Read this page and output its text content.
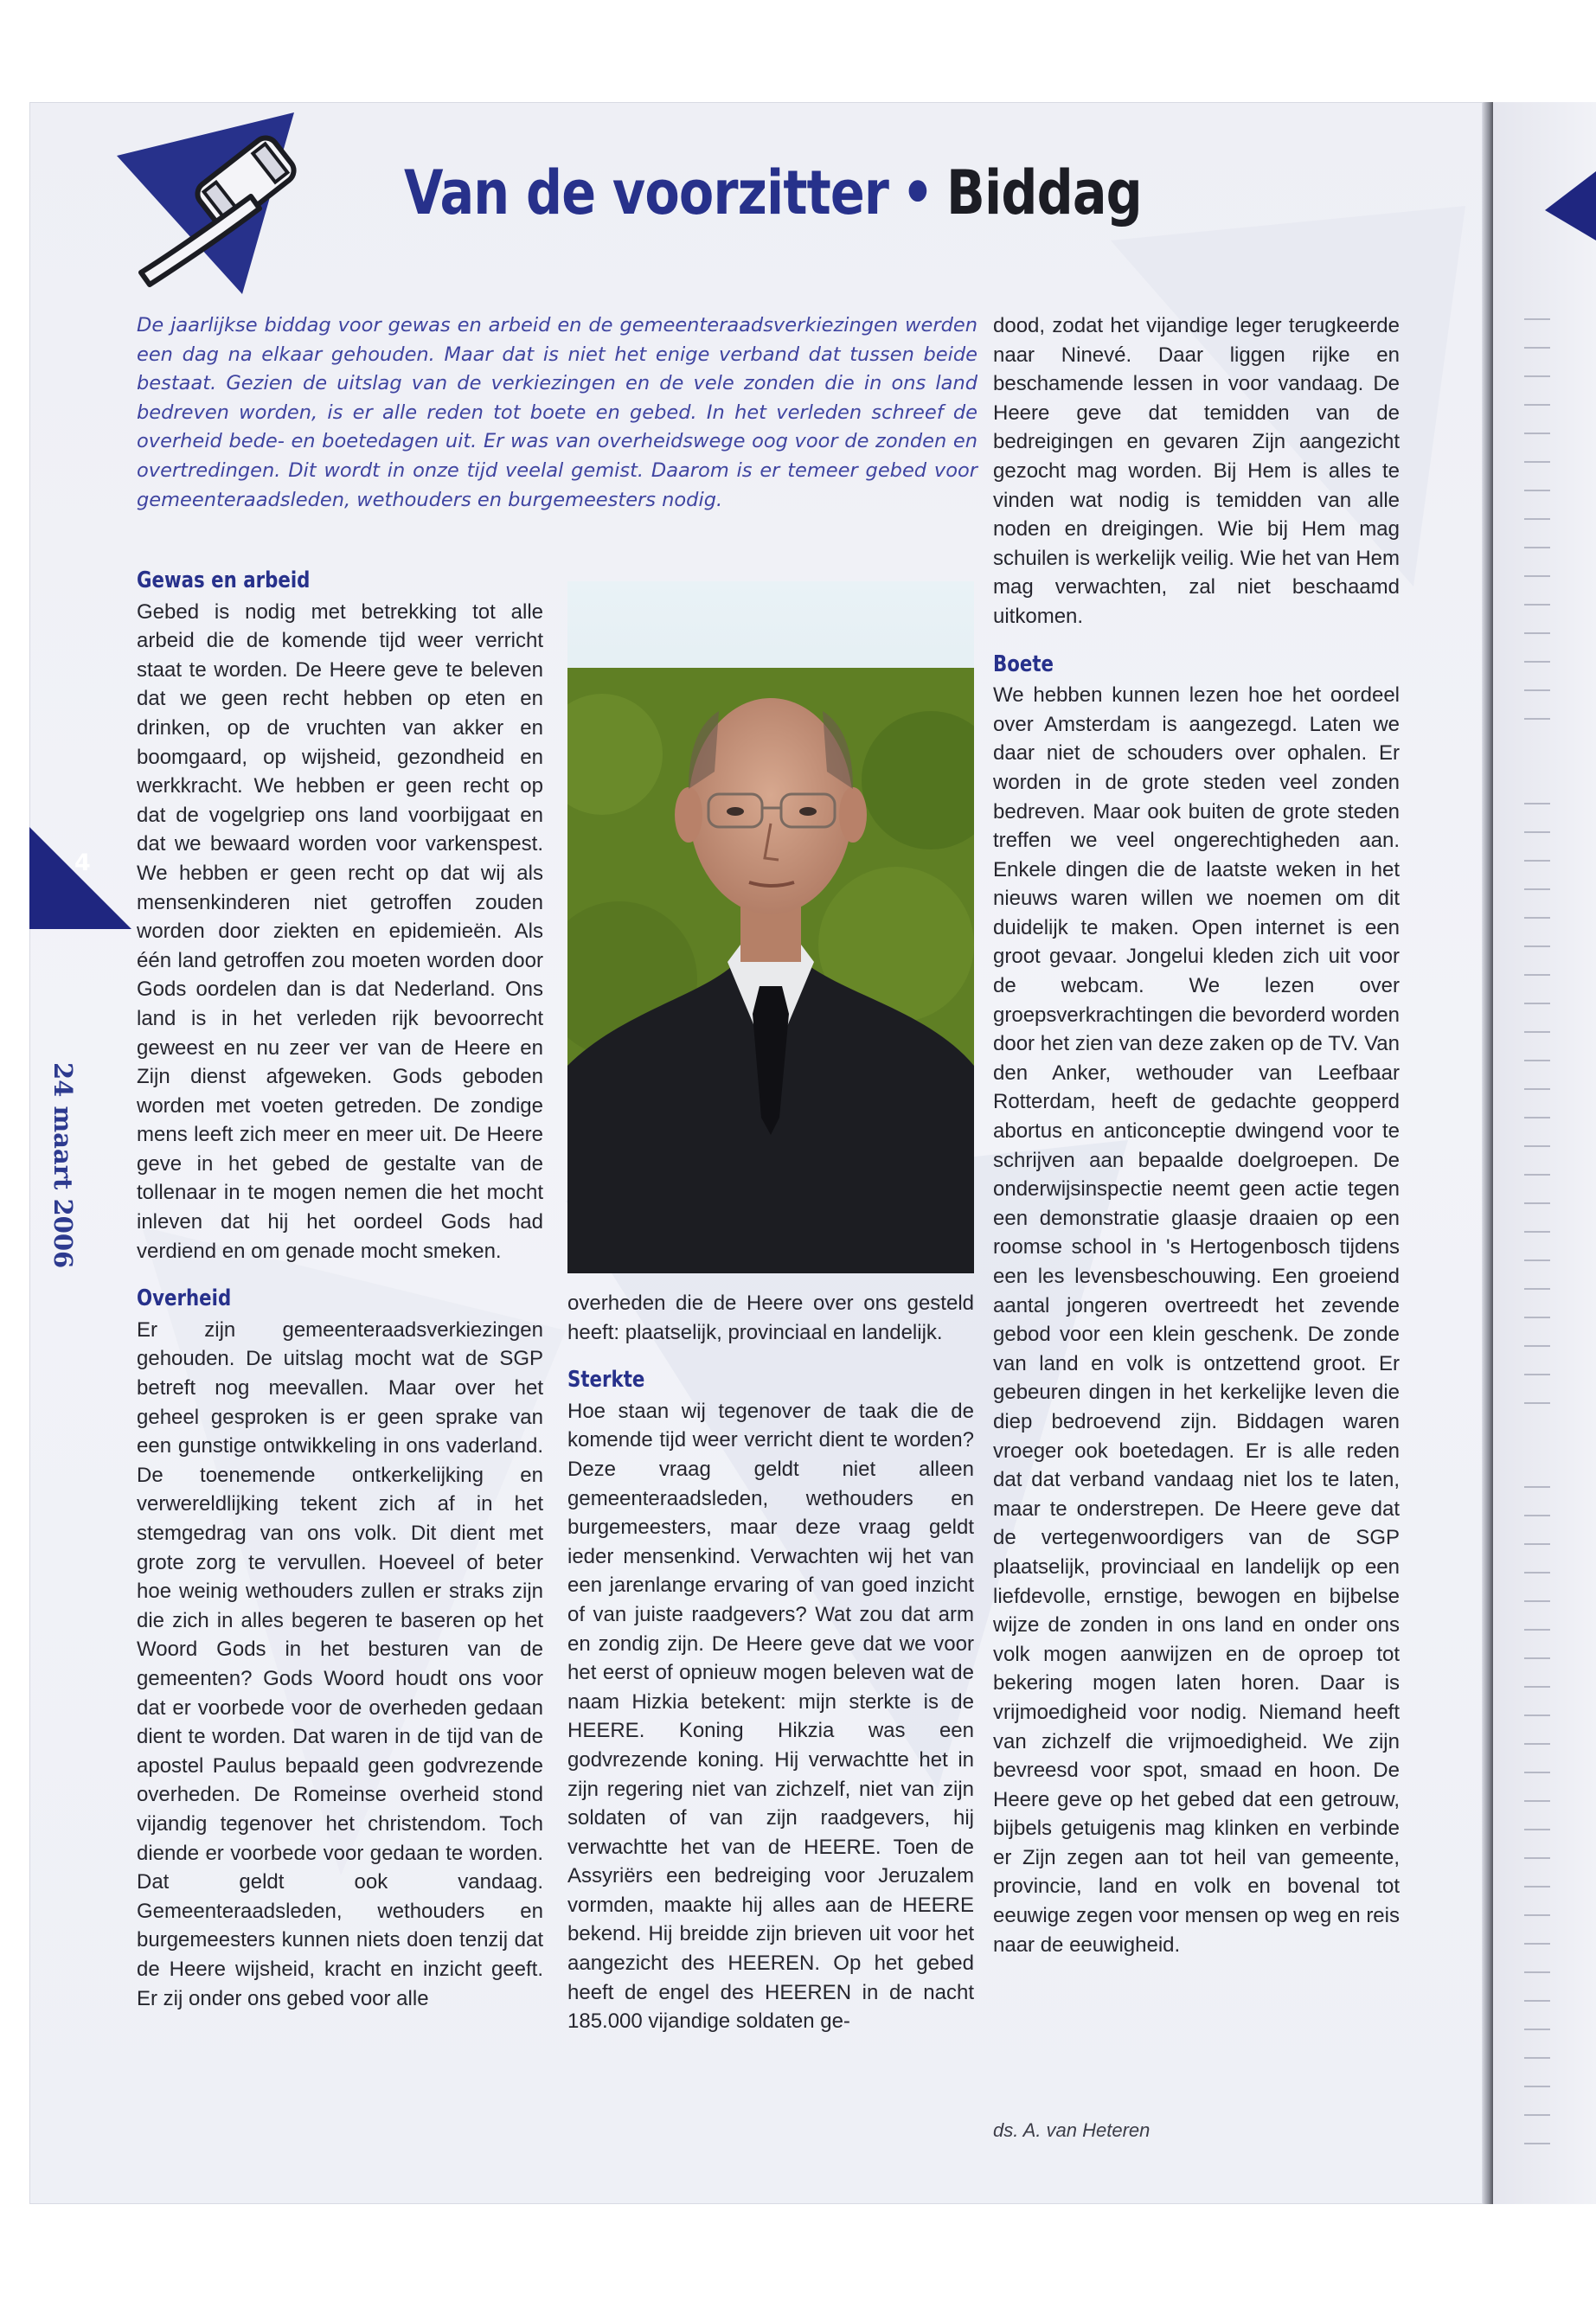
Van de voorzitter • Biddag

De jaarlijkse biddag voor gewas en arbeid en de gemeenteraadsverkiezingen werden een dag na elkaar gehouden. Maar dat is niet het enige verband dat tussen beide bestaat. Gezien de uitslag van de verkiezingen en de vele zonden die in ons land bedreven worden, is er alle reden tot boete en gebed. In het verleden schreef de overheid bede- en boetedagen uit. Er was van overheidswege oog voor de zonden en overtredingen. Dit wordt in onze tijd veelal gemist. Daarom is er temeer gebed voor gemeenteraadsleden, wethouders en burgemeesters nodig.

4
24 maart 2006
Gewas en arbeid

Gebed is nodig met betrekking tot alle arbeid die de komende tijd weer verricht staat te worden. De Heere geve te beleven dat we geen recht hebben op eten en drinken, op de vruchten van akker en boomgaard, op wijsheid, gezondheid en werkkracht. We hebben er geen recht op dat de vogelgriep ons land voorbijgaat en dat we bewaard worden voor varkenspest. We hebben er geen recht op dat wij als mensenkinderen niet getroffen zouden worden door ziekten en epidemieën. Als één land getroffen zou moeten worden door Gods oordelen dan is dat Nederland. Ons land is in het verleden rijk bevoorrecht geweest en nu zeer ver van de Heere en Zijn dienst afgeweken. Gods geboden worden met voeten getreden. De zondige mens leeft zich meer en meer uit. De Heere geve in het gebed de gestalte van de tollenaar in te mogen nemen die het mocht inleven dat hij het oordeel Gods had verdiend en om genade mocht smeken.

Overheid

Er zijn gemeenteraadsverkiezingen gehouden. De uitslag mocht wat de SGP betreft nog meevallen. Maar over het geheel gesproken is er geen sprake van een gunstige ontwikkeling in ons vaderland. De toenemende ontkerkelijking en verwereldlijking tekent zich af in het stemgedrag van ons volk. Dit dient met grote zorg te vervullen. Hoeveel of beter hoe weinig wethouders zullen er straks zijn die zich in alles begeren te baseren op het Woord Gods in het besturen van de gemeenten? Gods Woord houdt ons voor dat er voorbede voor de overheden gedaan dient te worden. Dat waren in de tijd van de apostel Paulus bepaald geen godvrezende overheden. De Romeinse overheid stond vijandig tegenover het christendom. Toch diende er voorbede voor gedaan te worden. Dat geldt ook vandaag. Gemeenteraadsleden, wethouders en burgemeesters kunnen niets doen tenzij dat de Heere wijsheid, kracht en inzicht geeft. Er zij onder ons gebed voor alle

overheden die de Heere over ons gesteld heeft: plaatselijk, provinciaal en landelijk.

Sterkte

Hoe staan wij tegenover de taak die de komende tijd weer verricht dient te worden? Deze vraag geldt niet alleen gemeenteraadsleden, wethouders en burgemeesters, maar deze vraag geldt ieder mensenkind. Verwachten wij het van een jarenlange ervaring of van goed inzicht of van juiste raadgevers? Wat zou dat arm en zondig zijn. De Heere geve dat we voor het eerst of opnieuw mogen beleven wat de naam Hizkia betekent: mijn sterkte is de HEERE. Koning Hikzia was een godvrezende koning. Hij verwachtte het in zijn regering niet van zichzelf, niet van zijn soldaten of van zijn raadgevers, hij verwachtte het van de HEERE. Toen de Assyriërs een bedreiging voor Jeruzalem vormden, maakte hij alles aan de HEERE bekend. Hij breidde zijn brieven uit voor het aangezicht des HEEREN. Op het gebed heeft de engel des HEEREN in de nacht 185.000 vijandige soldaten ge-

dood, zodat het vijandige leger terugkeerde naar Ninevé. Daar liggen rijke en beschamende lessen in voor vandaag. De Heere geve dat temidden van de bedreigingen en gevaren Zijn aangezicht gezocht mag worden. Bij Hem is alles te vinden wat nodig is temidden van alle noden en dreigingen. Wie bij Hem mag schuilen is werkelijk veilig. Wie het van Hem mag verwachten, zal niet beschaamd uitkomen.

Boete

We hebben kunnen lezen hoe het oordeel over Amsterdam is aangezegd. Laten we daar niet de schouders over ophalen. Er worden in de grote steden veel zonden bedreven. Maar ook buiten de grote steden treffen we veel ongerechtigheden aan. Enkele dingen die de laatste weken in het nieuws waren willen we noemen om dit duidelijk te maken. Open internet is een groot gevaar. Jongelui kleden zich uit voor de webcam. We lezen over groepsverkrachtingen die bevorderd worden door het zien van deze zaken op de TV. Van den Anker, wethouder van Leefbaar Rotterdam, heeft de gedachte geopperd abortus en anticonceptie dwingend voor te schrijven aan bepaalde doelgroepen. De onderwijsinspectie neemt geen actie tegen een demonstratie glaasje draaien op een roomse school in 's Hertogenbosch tijdens een les levensbeschouwing. Een groeiend aantal jongeren overtreedt het zevende gebod voor een klein geschenk. De zonde van land en volk is ontzettend groot. Er gebeuren dingen in het kerkelijke leven die diep bedroevend zijn. Biddagen waren vroeger ook boetedagen. Er is alle reden dat dat verband vandaag niet los te laten, maar te onderstrepen. De Heere geve dat de vertegenwoordigers van de SGP plaatselijk, provinciaal en landelijk op een liefdevolle, ernstige, bewogen en bijbelse wijze de zonden in ons land en onder ons volk mogen aanwijzen en de oproep tot bekering mogen laten horen. Daar is vrijmoedigheid voor nodig. Niemand heeft van zichzelf die vrijmoedigheid. We zijn bevreesd voor spot, smaad en hoon. De Heere geve op het gebed dat een getrouw, bijbels getuigenis mag klinken en verbinde er Zijn zegen aan tot heil van gemeente, provincie, land en volk en bovenal tot eeuwige zegen voor mensen op weg en reis naar de eeuwigheid.

ds. A. van Heteren
